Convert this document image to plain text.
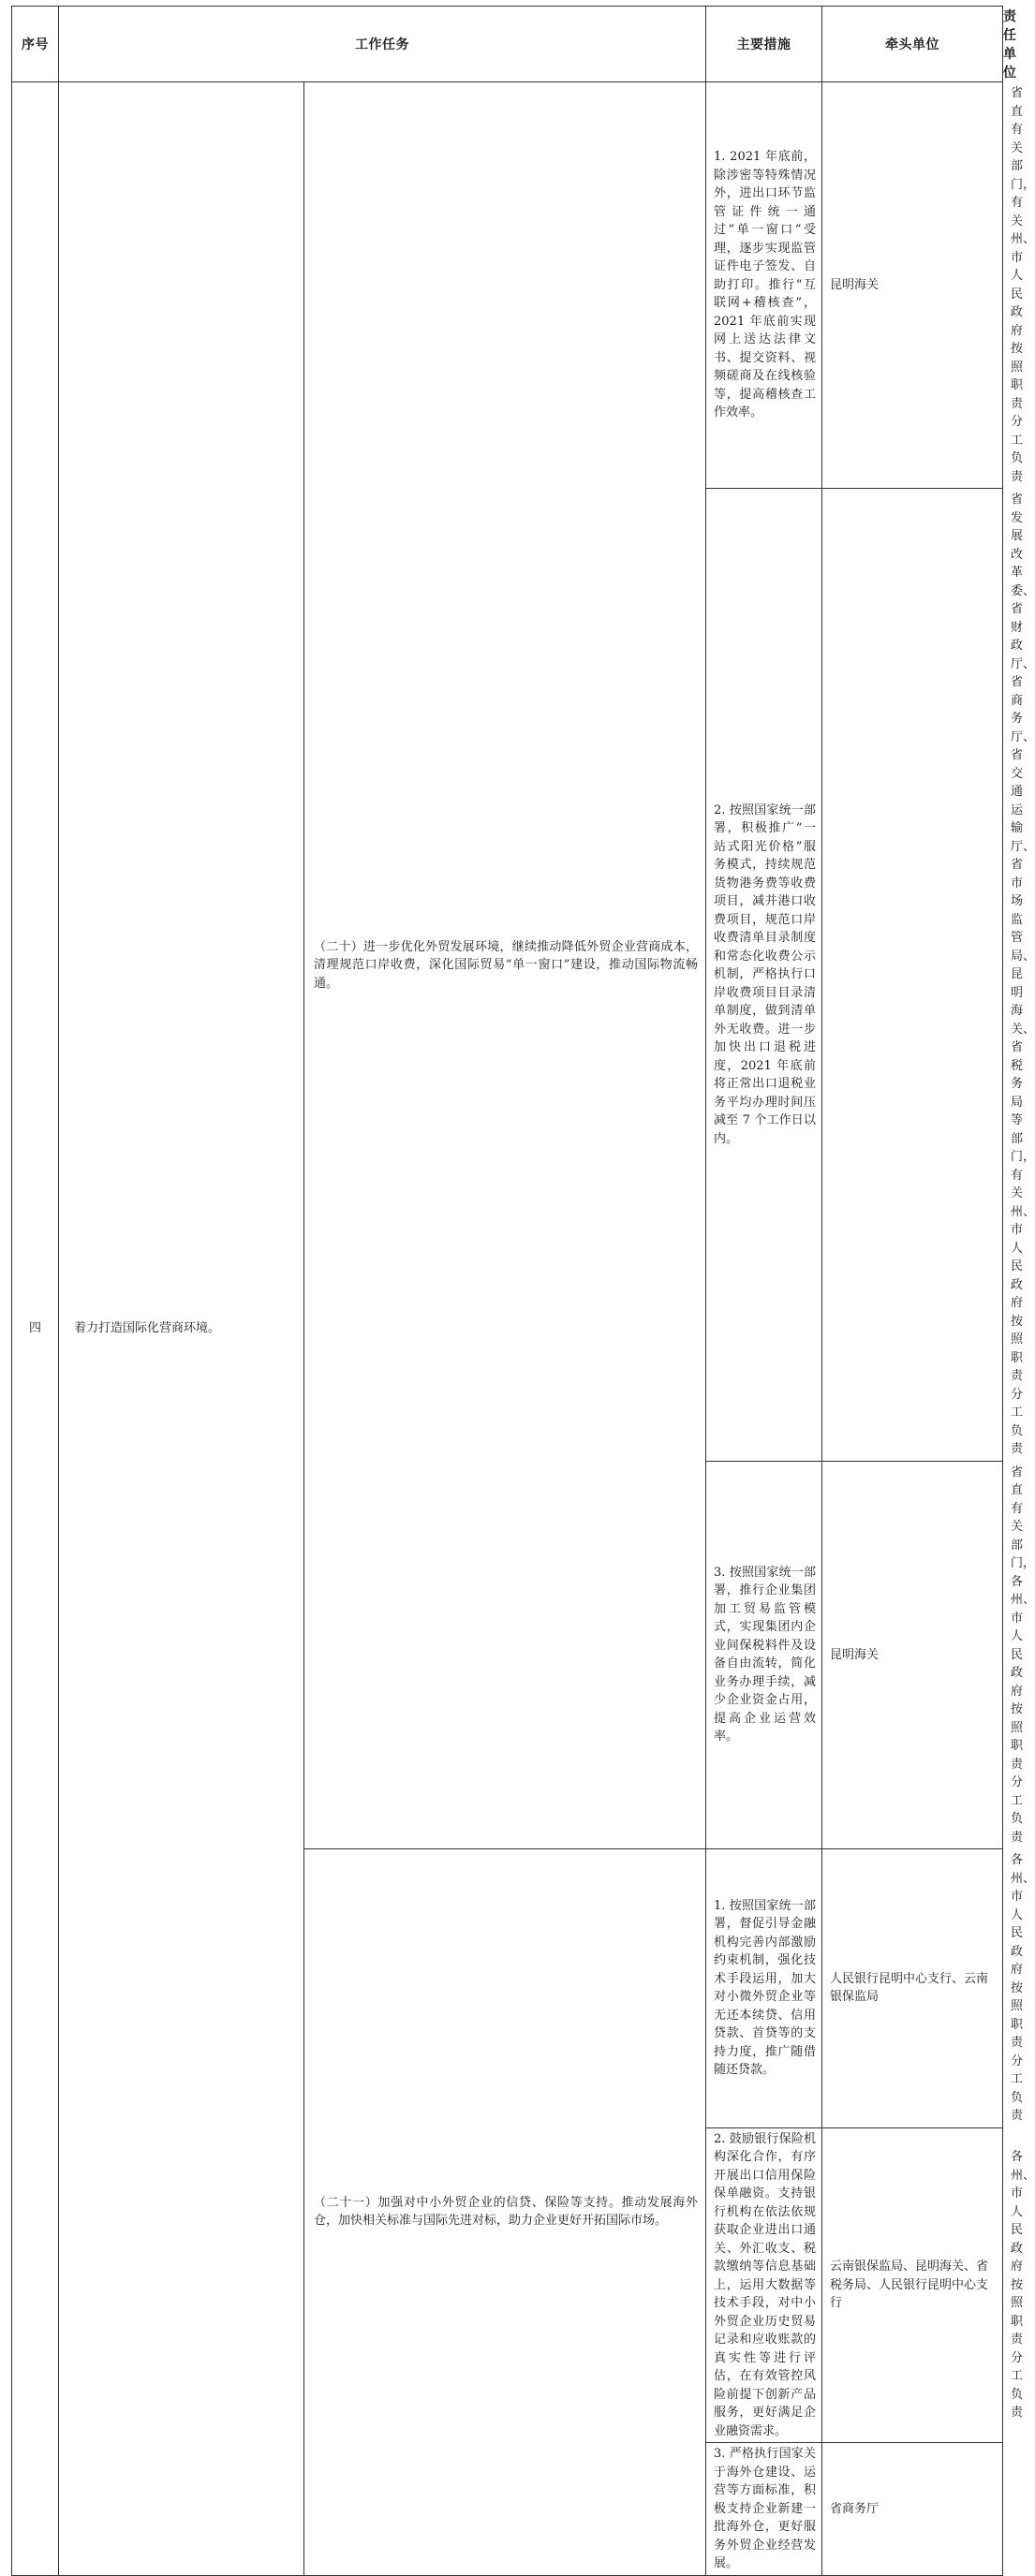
序号	工作任务		主要措施	牵头单位	责任单位
四	着力打造国际化营商环境。	（二十）进一步优化外贸发展环境，继续推动降低外贸企业营商成本，清理规范口岸收费，深化国际贸易“单一窗口”建设，推动国际物流畅通。	1. 2021 年底前，除涉密等特殊情况外，进出口环节监管证件统一通过“单一窗口”受理，逐步实现监管证件电子签发、自助打印。推行“互联网+稽核查”，2021 年底前实现网上送达法律文书、提交资料、视频磋商及在线核验等，提高稽核查工作效率。	昆明海关	省直有关部门，有关州、市人民政府按照职责分工负责
			2. 按照国家统一部署，积极推广“一站式阳光价格”服务模式，持续规范货物港务费等收费项目，减并港口收费项目，规范口岸收费清单目录制度和常态化收费公示机制，严格执行口岸收费项目目录清单制度，做到清单外无收费。进一步加快出口退税进度，2021 年底前将正常出口退税业务平均办理时间压减至 7 个工作日以内。		省发展改革委、省财政厅、省商务厅、省交通运输厅、省市场监管局、昆明海关、省税务局等部门，有关州、市人民政府按照职责分工负责
			3. 按照国家统一部署，推行企业集团加工贸易监管模式，实现集团内企业间保税料件及设备自由流转，简化业务办理手续，减少企业资金占用，提高企业运营效率。	昆明海关	省直有关部门，各州、市人民政府按照职责分工负责
		（二十一）加强对中小外贸企业的信贷、保险等支持。推动发展海外仓，加快相关标准与国际先进对标，助力企业更好开拓国际市场。	1. 按照国家统一部署，督促引导金融机构完善内部激励约束机制，强化技术手段运用，加大对小微外贸企业等无还本续贷、信用贷款、首贷等的支持力度，推广随借随还贷款。	人民银行昆明中心支行、云南银保监局	各州、市人民政府按照职责分工负责
			2. 鼓励银行保险机构深化合作，有序开展出口信用保险保单融资。支持银行机构在依法依规获取企业进出口通关、外汇收支、税款缴纳等信息基础上，运用大数据等技术手段，对中小外贸企业历史贸易记录和应收账款的真实性等进行评估，在有效管控风险前提下创新产品服务，更好满足企业融资需求。	云南银保监局、昆明海关、省税务局、人民银行昆明中心支行	各州、市人民政府按照职责分工负责
			3. 严格执行国家关于海外仓建设、运营等方面标准，积极支持企业新建一批海外仓，更好服务外贸企业经营发展。	省商务厅	
